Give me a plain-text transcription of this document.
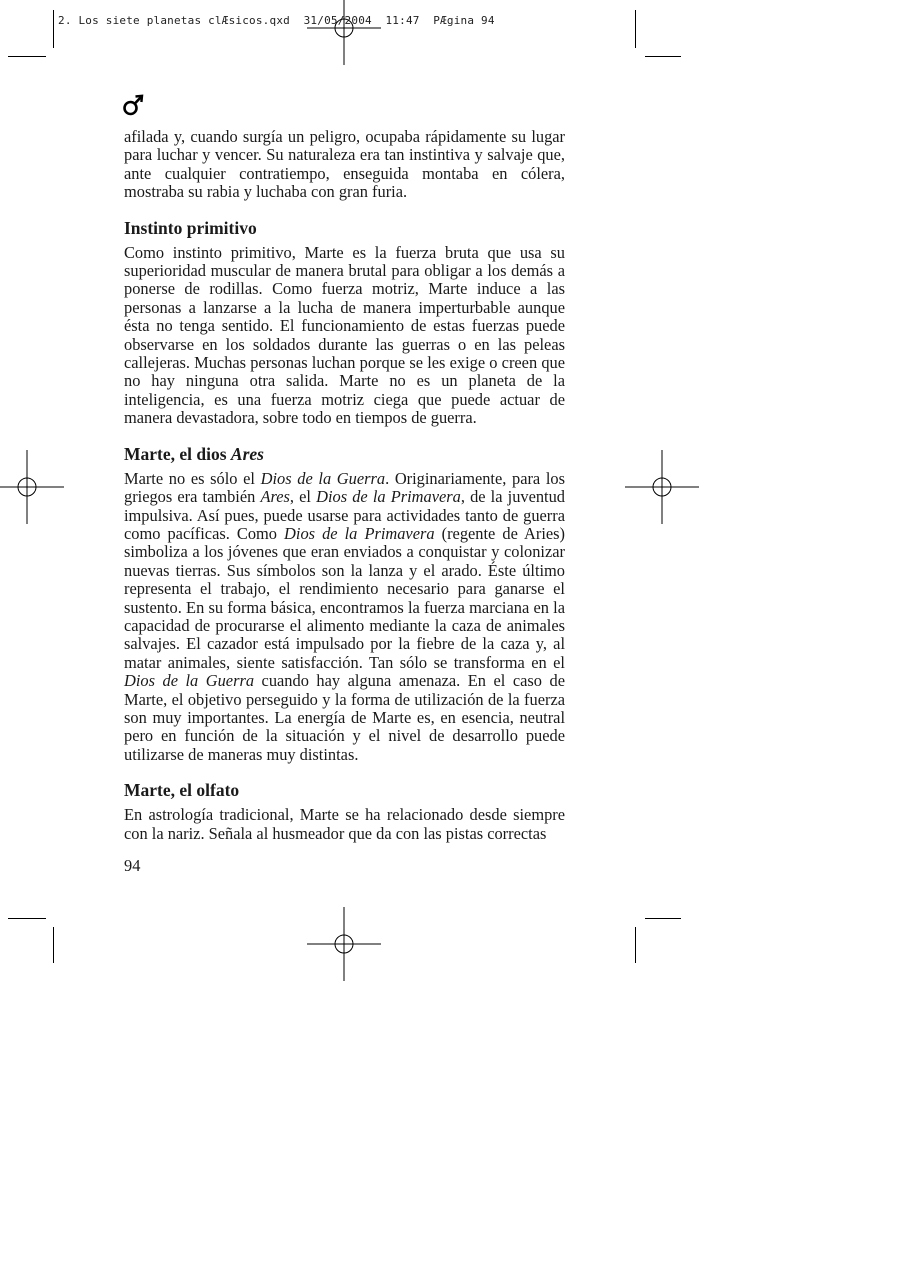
2. Los siete planetas clÆsicos.qxd  31/05/2004  11:47  PÆgina 94

afilada y, cuando surgía un peligro, ocupaba rápidamente su lugar para luchar y vencer. Su naturaleza era tan instintiva y salvaje que, ante cualquier contratiempo, enseguida montaba en cólera, mostraba su rabia y luchaba con gran furia.

Instinto primitivo

Como instinto primitivo, Marte es la fuerza bruta que usa su superioridad muscular de manera brutal para obligar a los demás a ponerse de rodillas. Como fuerza motriz, Marte induce a las personas a lanzarse a la lucha de manera imperturbable aunque ésta no tenga sentido. El funcionamiento de estas fuerzas puede observarse en los soldados durante las guerras o en las peleas callejeras. Muchas personas luchan porque se les exige o creen que no hay ninguna otra salida. Marte no es un planeta de la inteligencia, es una fuerza motriz ciega que puede actuar de manera devastadora, sobre todo en tiempos de guerra.

Marte, el dios Ares

Marte no es sólo el Dios de la Guerra. Originariamente, para los griegos era también Ares, el Dios de la Primavera, de la juventud impulsiva. Así pues, puede usarse para actividades tanto de guerra como pacíficas. Como Dios de la Primavera (regente de Aries) simboliza a los jóvenes que eran enviados a conquistar y colonizar nuevas tierras. Sus símbolos son la lanza y el arado. Éste último representa el trabajo, el rendimiento necesario para ganarse el sustento. En su forma básica, encontramos la fuerza marciana en la capacidad de procurarse el alimento mediante la caza de animales salvajes. El cazador está impulsado por la fiebre de la caza y, al matar animales, siente satisfacción. Tan sólo se transforma en el Dios de la Guerra cuando hay alguna amenaza. En el caso de Marte, el objetivo perseguido y la forma de utilización de la fuerza son muy importantes. La energía de Marte es, en esencia, neutral pero en función de la situación y el nivel de desarrollo puede utilizarse de maneras muy distintas.

Marte, el olfato

En astrología tradicional, Marte se ha relacionado desde siempre con la nariz. Señala al husmeador que da con las pistas correctas

94
